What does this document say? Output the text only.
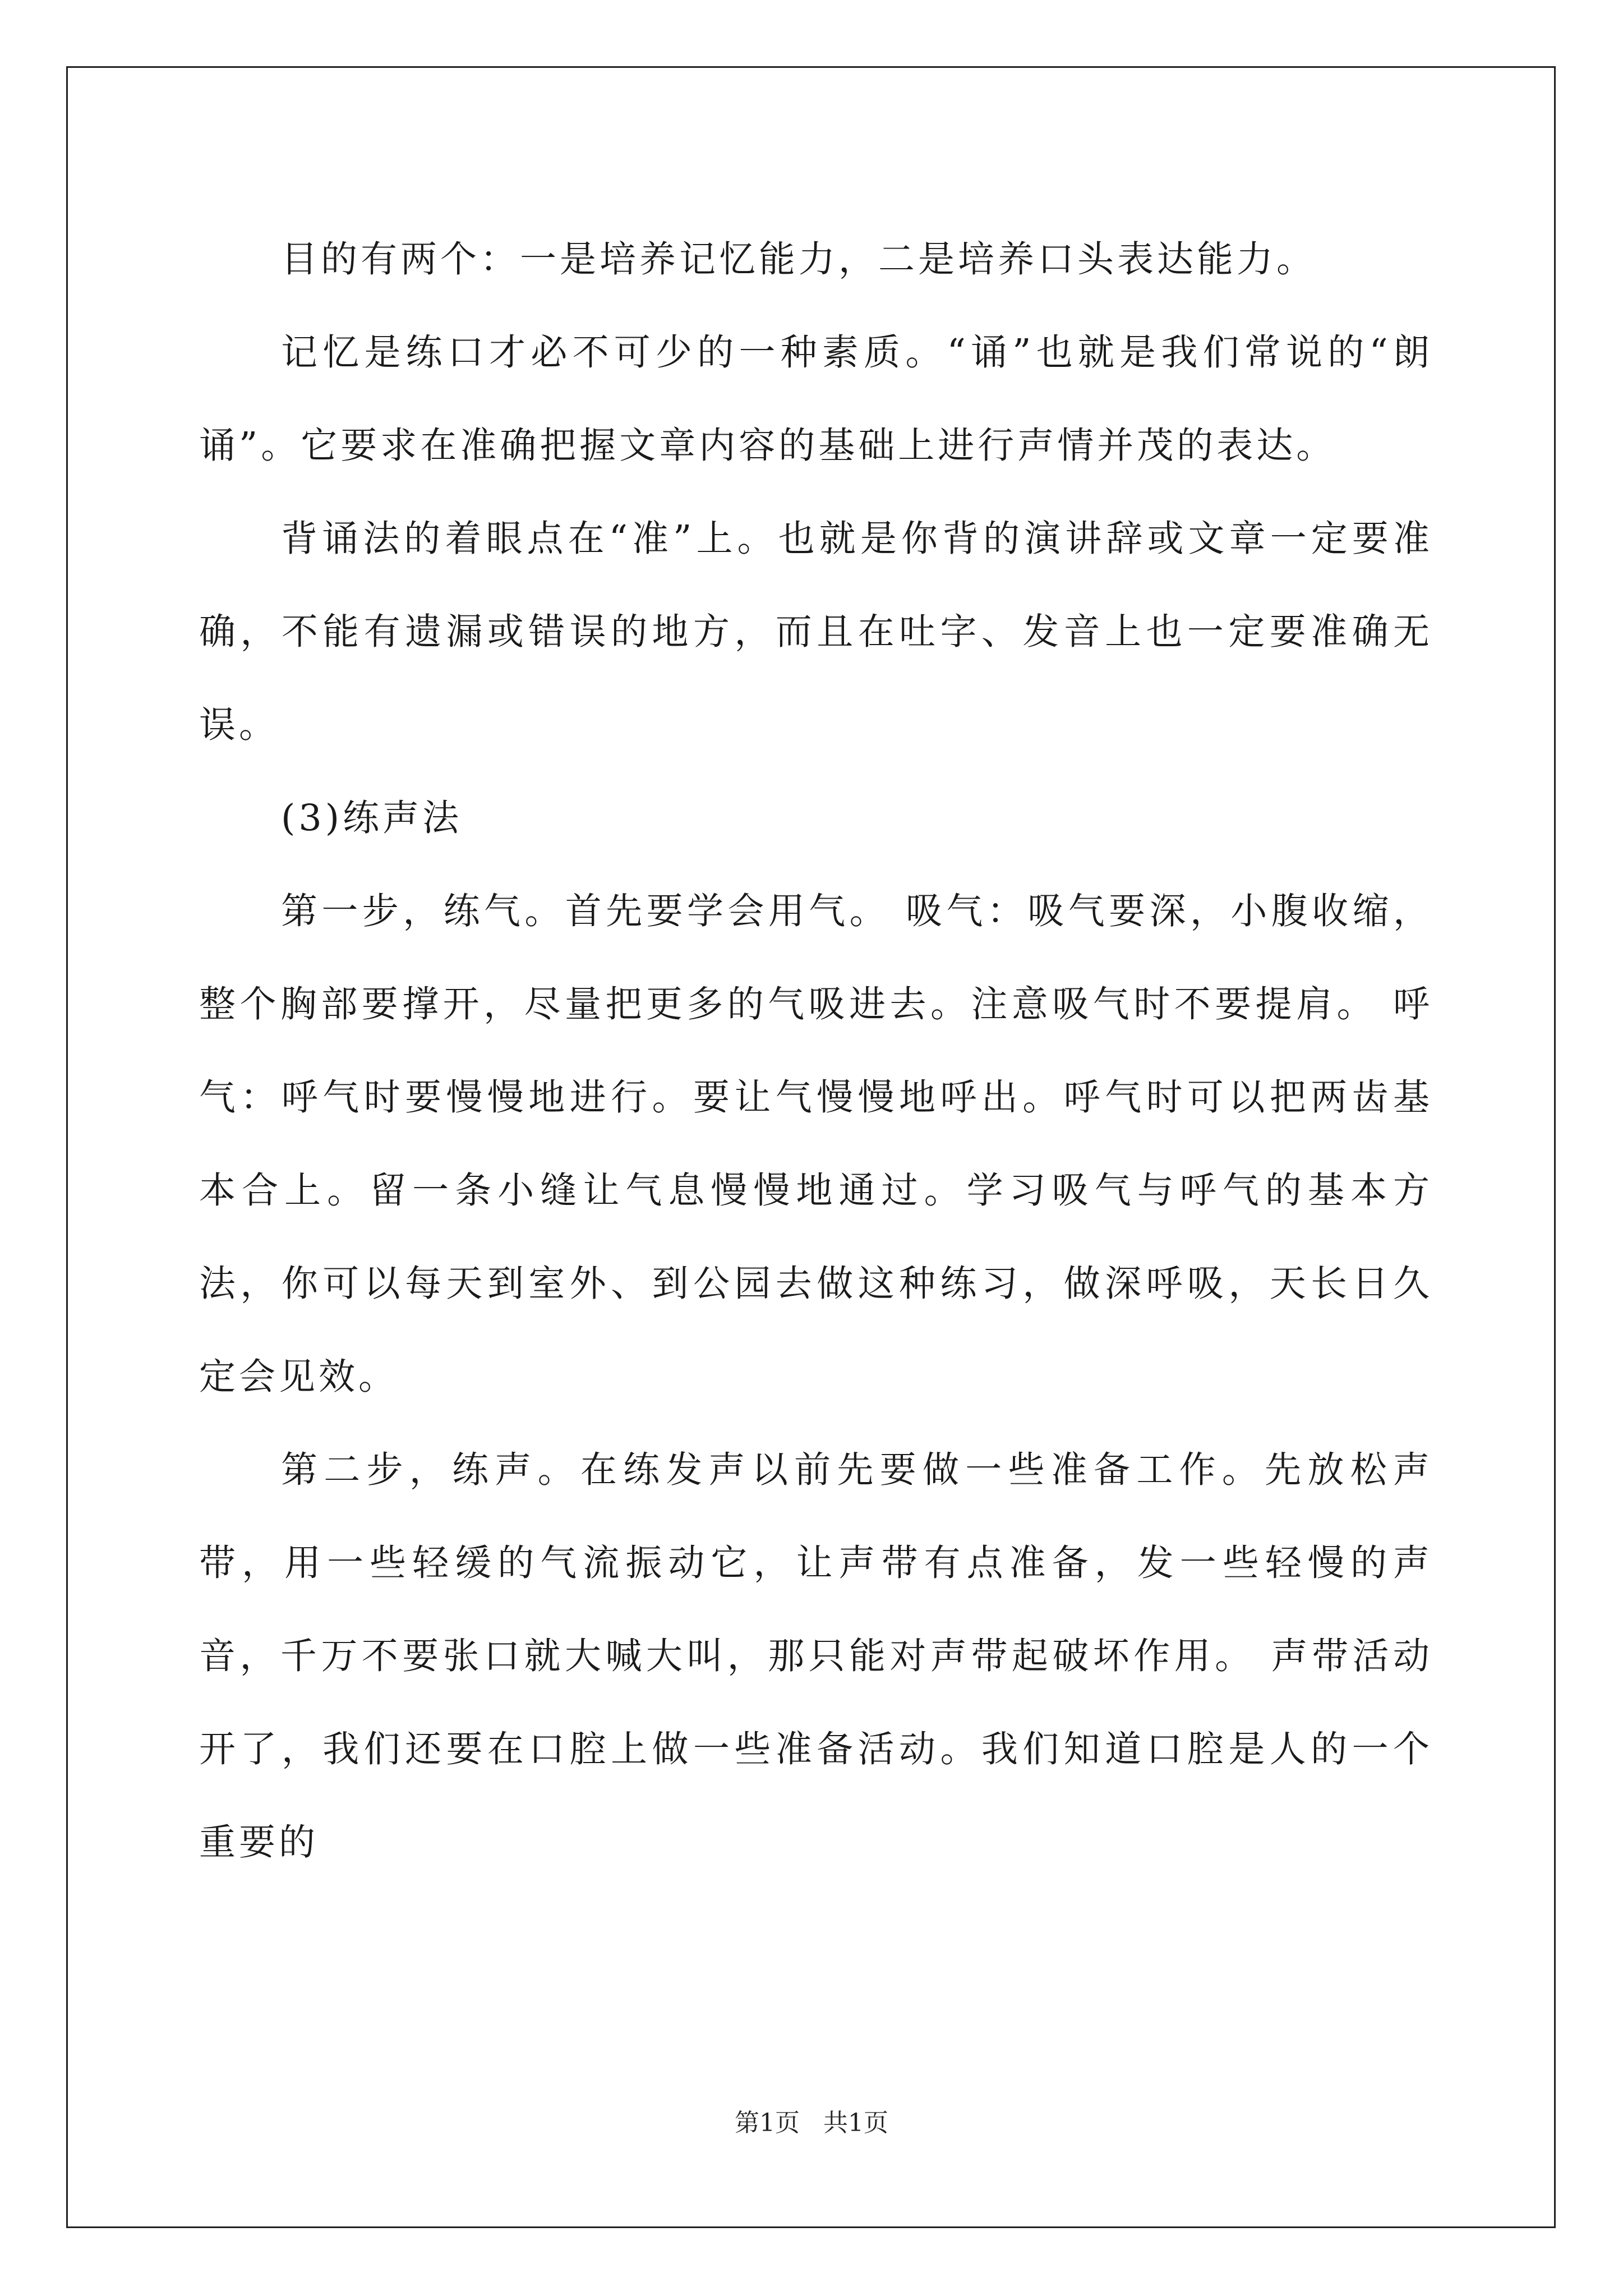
目的有两个：一是培养记忆能力，二是培养口头表达能力。

记忆是练口才必不可少的一种素质。“诵”也就是我们常说的“朗诵”。它要求在准确把握文章内容的基础上进行声情并茂的表达。

背诵法的着眼点在“准”上。也就是你背的演讲辞或文章一定要准确，不能有遗漏或错误的地方，而且在吐字、发音上也一定要准确无误。

(3)练声法

第一步，练气。首先要学会用气。 吸气：吸气要深，小腹收缩，整个胸部要撑开，尽量把更多的气吸进去。注意吸气时不要提肩。 呼气：呼气时要慢慢地进行。要让气慢慢地呼出。呼气时可以把两齿基本合上。留一条小缝让气息慢慢地通过。学习吸气与呼气的基本方法，你可以每天到室外、到公园去做这种练习，做深呼吸，天长日久定会见效。

第二步，练声。在练发声以前先要做一些准备工作。先放松声带，用一些轻缓的气流振动它，让声带有点准备，发一些轻慢的声音，千万不要张口就大喊大叫，那只能对声带起破坏作用。 声带活动开了，我们还要在口腔上做一些准备活动。我们知道口腔是人的一个重要的

第1页 共1页
